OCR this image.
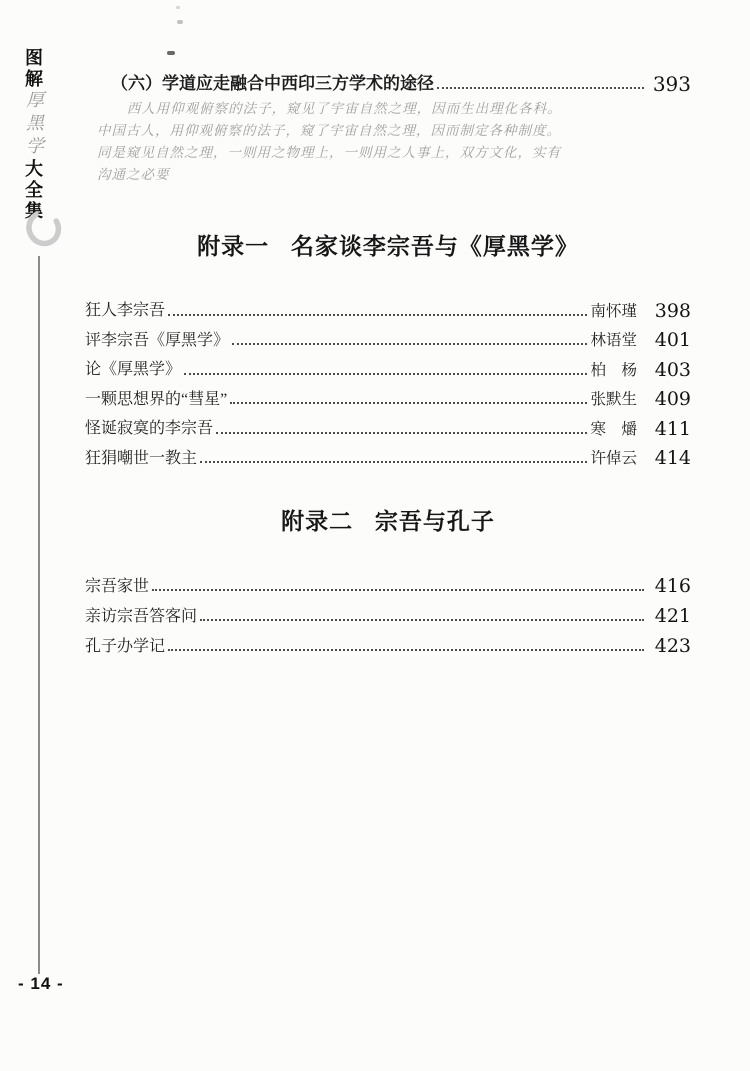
图解厚黑学大全集
- 14 -
（六）学道应走融合中西印三方学术的途径	393
西人用仰观俯察的法子，窥见了宇宙自然之理，因而生出理化各科。
中国古人，用仰观俯察的法子，窥了宇宙自然之理，因而制定各种制度。
同是窥见自然之理，一则用之物理上，一则用之人事上，双方文化，实有
沟通之必要
附录一 名家谈李宗吾与《厚黑学》
狂人李宗吾	南怀瑾 398
评李宗吾《厚黑学》	林语堂 401
论《厚黑学》	柏　杨 403
一颗思想界的“彗星”	张默生 409
怪诞寂寞的李宗吾	寒　爝 411
狂狷嘲世一教主	许倬云 414
附录二 宗吾与孔子
宗吾家世	416
亲访宗吾答客问	421
孔子办学记	423
